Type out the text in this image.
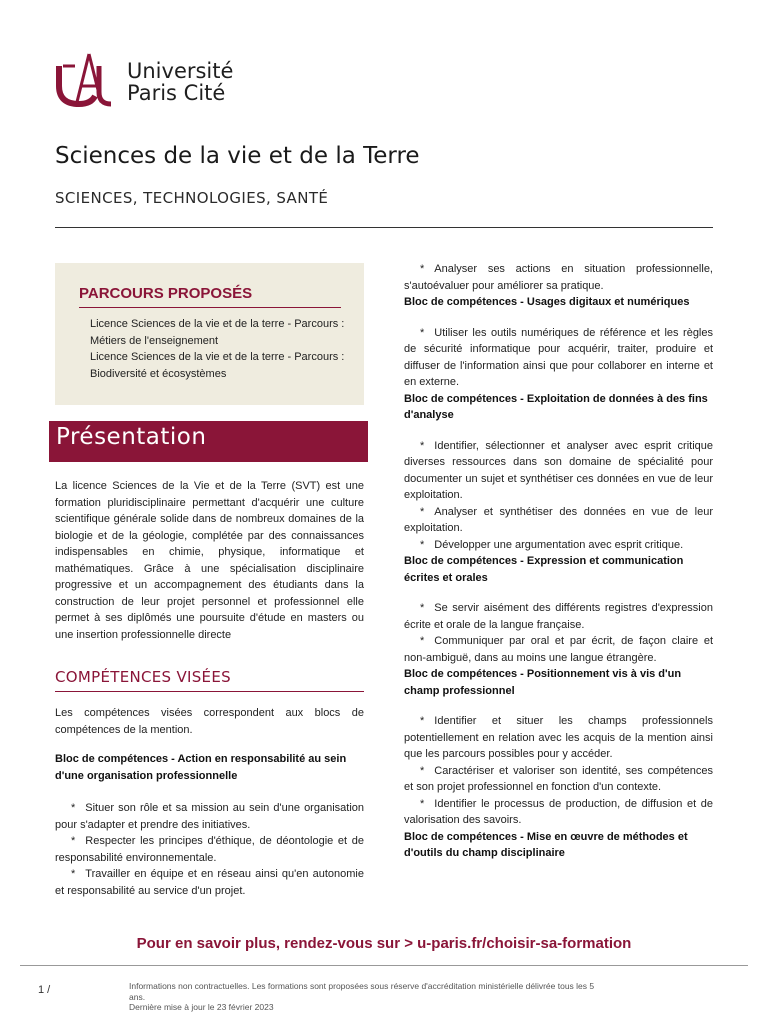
Université
Paris Cité
Sciences de la vie et de la Terre
SCIENCES, TECHNOLOGIES, SANTÉ
PARCOURS PROPOSÉS
Licence Sciences de la vie et de la terre - Parcours : Métiers de l'enseignement
Licence Sciences de la vie et de la terre - Parcours : Biodiversité et écosystèmes
Présentation
La licence Sciences de la Vie et de la Terre (SVT) est une formation pluridisciplinaire permettant d'acquérir une culture scientifique générale solide dans de nombreux domaines de la biologie et de la géologie, complétée par des connaissances indispensables en chimie, physique, informatique et mathématiques. Grâce à une spécialisation disciplinaire progressive et un accompagnement des étudiants dans la construction de leur projet personnel et professionnel elle permet à ses diplômés une poursuite d'étude en masters ou une insertion professionnelle directe
COMPÉTENCES VISÉES
Les compétences visées correspondent aux blocs de compétences de la mention.
Bloc de compétences - Action en responsabilité au sein d'une organisation professionnelle
* Situer son rôle et sa mission au sein d'une organisation pour s'adapter et prendre des initiatives.
* Respecter les principes d'éthique, de déontologie et de responsabilité environnementale.
* Travailler en équipe et en réseau ainsi qu'en autonomie et responsabilité au service d'un projet.
* Analyser ses actions en situation professionnelle, s'autoévaluer pour améliorer sa pratique.
Bloc de compétences - Usages digitaux et numériques
* Utiliser les outils numériques de référence et les règles de sécurité informatique pour acquérir, traiter, produire et diffuser de l'information ainsi que pour collaborer en interne et en externe.
Bloc de compétences - Exploitation de données à des fins d'analyse
* Identifier, sélectionner et analyser avec esprit critique diverses ressources dans son domaine de spécialité pour documenter un sujet et synthétiser ces données en vue de leur exploitation.
* Analyser et synthétiser des données en vue de leur exploitation.
* Développer une argumentation avec esprit critique.
Bloc de compétences - Expression et communication écrites et orales
* Se servir aisément des différents registres d'expression écrite et orale de la langue française.
* Communiquer par oral et par écrit, de façon claire et non-ambiguë, dans au moins une langue étrangère.
Bloc de compétences - Positionnement vis à vis d'un champ professionnel
* Identifier et situer les champs professionnels potentiellement en relation avec les acquis de la mention ainsi que les parcours possibles pour y accéder.
* Caractériser et valoriser son identité, ses compétences et son projet professionnel en fonction d'un contexte.
* Identifier le processus de production, de diffusion et de valorisation des savoirs.
Bloc de compétences - Mise en œuvre de méthodes et d'outils du champ disciplinaire
Pour en savoir plus, rendez-vous sur > u-paris.fr/choisir-sa-formation
1 /	Informations non contractuelles. Les formations sont proposées sous réserve d'accréditation ministérielle délivrée tous les 5 ans.
Dernière mise à jour le 23 février 2023
